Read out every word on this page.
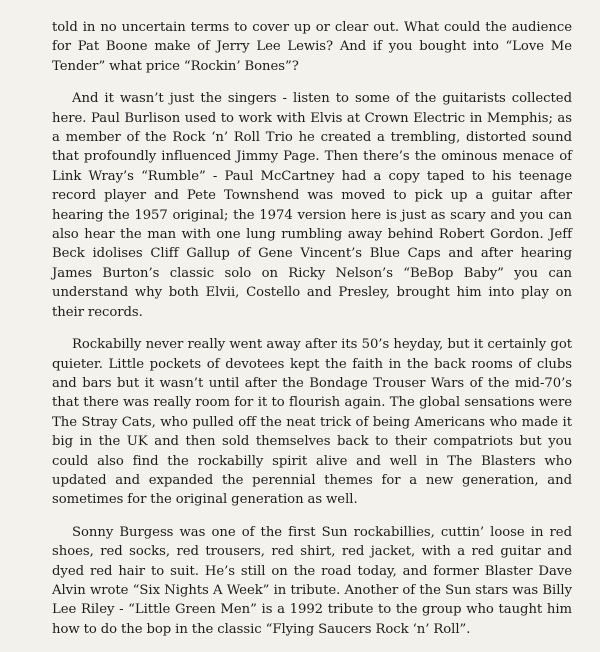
told in no uncertain terms to cover up or clear out. What could the audience for Pat Boone make of Jerry Lee Lewis? And if you bought into “Love Me Tender” what price “Rockin’ Bones”?

And it wasn’t just the singers - listen to some of the guitarists collected here. Paul Burlison used to work with Elvis at Crown Electric in Memphis; as a member of the Rock ‘n’ Roll Trio he created a trembling, distorted sound that profoundly influenced Jimmy Page. Then there’s the ominous menace of Link Wray’s “Rumble” - Paul McCartney had a copy taped to his teenage record player and Pete Townshend was moved to pick up a guitar after hearing the 1957 original; the 1974 version here is just as scary and you can also hear the man with one lung rumbling away behind Robert Gordon. Jeff Beck idolises Cliff Gallup of Gene Vincent’s Blue Caps and after hearing James Burton’s classic solo on Ricky Nelson’s “BeBop Baby” you can understand why both Elvii, Costello and Presley, brought him into play on their records.

Rockabilly never really went away after its 50’s heyday, but it certainly got quieter. Little pockets of devotees kept the faith in the back rooms of clubs and bars but it wasn’t until after the Bondage Trouser Wars of the mid-70’s that there was really room for it to flourish again. The global sensations were The Stray Cats, who pulled off the neat trick of being Americans who made it big in the UK and then sold themselves back to their compatriots but you could also find the rockabilly spirit alive and well in The Blasters who updated and expanded the perennial themes for a new generation, and sometimes for the original generation as well.

Sonny Burgess was one of the first Sun rockabillies, cuttin’ loose in red shoes, red socks, red trousers, red shirt, red jacket, with a red guitar and dyed red hair to suit. He’s still on the road today, and former Blaster Dave Alvin wrote “Six Nights A Week” in tribute. Another of the Sun stars was Billy Lee Riley - “Little Green Men” is a 1992 tribute to the group who taught him how to do the bop in the classic “Flying Saucers Rock ‘n’ Roll”.
